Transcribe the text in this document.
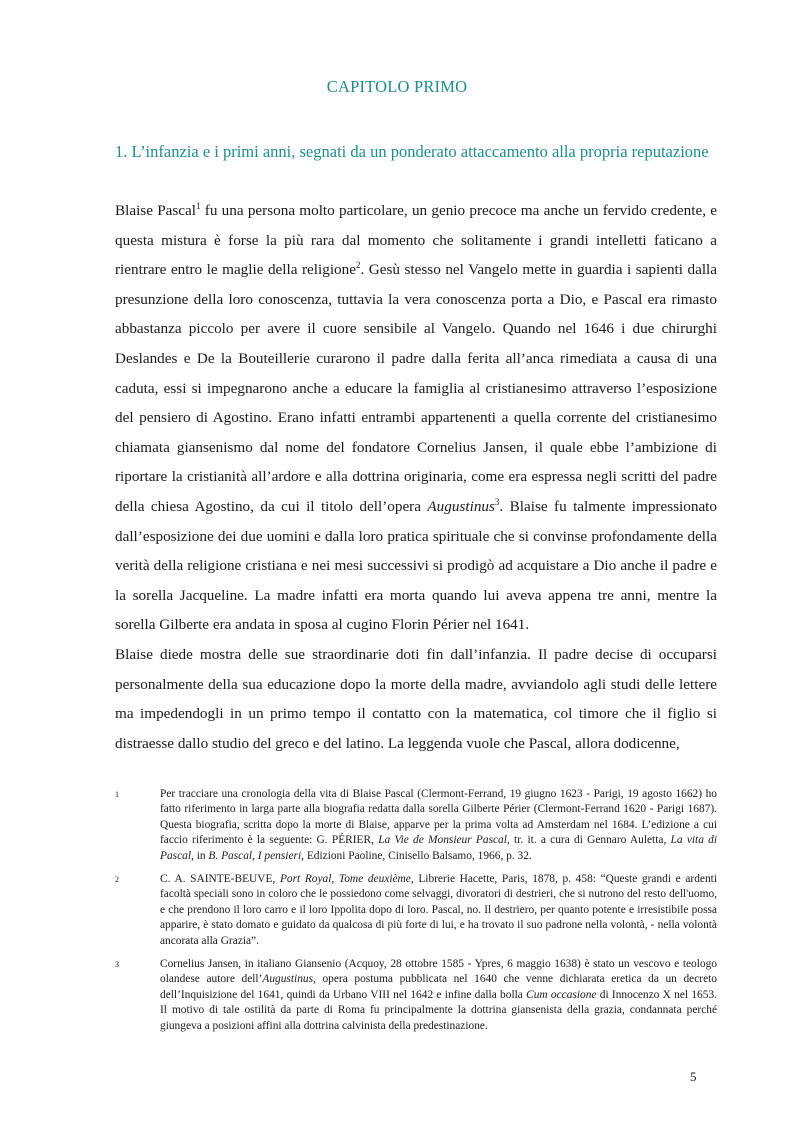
CAPITOLO PRIMO
1. L’infanzia e i primi anni, segnati da un ponderato attaccamento alla propria reputazione

Blaise Pascal$^1$ fu una persona molto particolare, un genio precoce ma anche un fervido credente, e questa mistura è forse la più rara dal momento che solitamente i grandi intelletti faticano a rientrare entro le maglie della religione$^2$. Gesù stesso nel Vangelo mette in guardia i sapienti dalla presunzione della loro conoscenza, tuttavia la vera conoscenza porta a Dio, e Pascal era rimasto abbastanza piccolo per avere il cuore sensibile al Vangelo. Quando nel 1646 i due chirurghi Deslandes e De la Bouteillerie curarono il padre dalla ferita all’anca rimediata a causa di una caduta, essi si impegnarono anche a educare la famiglia al cristianesimo attraverso l’esposizione del pensiero di Agostino. Erano infatti entrambi appartenenti a quella corrente del cristianesimo chiamata giansenismo dal nome del fondatore Cornelius Jansen, il quale ebbe l’ambizione di riportare la cristianità all’ardore e alla dottrina originaria, come era espressa negli scritti del padre della chiesa Agostino, da cui il titolo dell’opera Augustinus$^3$. Blaise fu talmente impressionato dall’esposizione dei due uomini e dalla loro pratica spirituale che si convinse profondamente della verità della religione cristiana e nei mesi successivi si prodigò ad acquistare a Dio anche il padre e la sorella Jacqueline. La madre infatti era morta quando lui aveva appena tre anni, mentre la sorella Gilberte era andata in sposa al cugino Florin Périer nel 1641.

Blaise diede mostra delle sue straordinarie doti fin dall’infanzia. Il padre decise di occuparsi personalmente della sua educazione dopo la morte della madre, avviandolo agli studi delle lettere ma impedendogli in un primo tempo il contatto con la matematica, col timore che il figlio si distraesse dallo studio del greco e del latino. La leggenda vuole che Pascal, allora dodicenne,

1	Per tracciare una cronologia della vita di Blaise Pascal (Clermont-Ferrand, 19 giugno 1623 - Parigi, 19 agosto 1662) ho fatto riferimento in larga parte alla biografia redatta dalla sorella Gilberte Périer (Clermont-Ferrand 1620 - Parigi 1687). Questa biografia, scritta dopo la morte di Blaise, apparve per la prima volta ad Amsterdam nel 1684. L’edizione a cui faccio riferimento è la seguente: G. PÉRIER, La Vie de Monsieur Pascal, tr. it. a cura di Gennaro Auletta, La vita di Pascal, in B. Pascal, I pensieri, Edizioni Paoline, Cinisello Balsamo, 1966, p. 32.
2	C. A. SAINTE-BEUVE, Port Royal, Tome deuxième, Librerie Hacette, Paris, 1878, p. 458: “Queste grandi e ardenti facoltà speciali sono in coloro che le possiedono come selvaggi, divoratori di destrieri, che si nutrono del resto dell'uomo, e che prendono il loro carro e il loro Ippolita dopo di loro. Pascal, no. Il destriero, per quanto potente e irresistibile possa apparire, è stato domato e guidato da qualcosa di più forte di lui, e ha trovato il suo padrone nella volontà, - nella volontà ancorata alla Grazia”.
3	Cornelius Jansen, in italiano Giansenio (Acquoy, 28 ottobre 1585 - Ypres, 6 maggio 1638) è stato un vescovo e teologo olandese autore dell’Augustinus, opera postuma pubblicata nel 1640 che venne dichiarata eretica da un decreto dell’Inquisizione del 1641, quindi da Urbano VIII nel 1642 e infine dalla bolla Cum occasione di Innocenzo X nel 1653. Il motivo di tale ostilità da parte di Roma fu principalmente la dottrina giansenista della grazia, condannata perché giungeva a posizioni affini alla dottrina calvinista della predestinazione.
5
